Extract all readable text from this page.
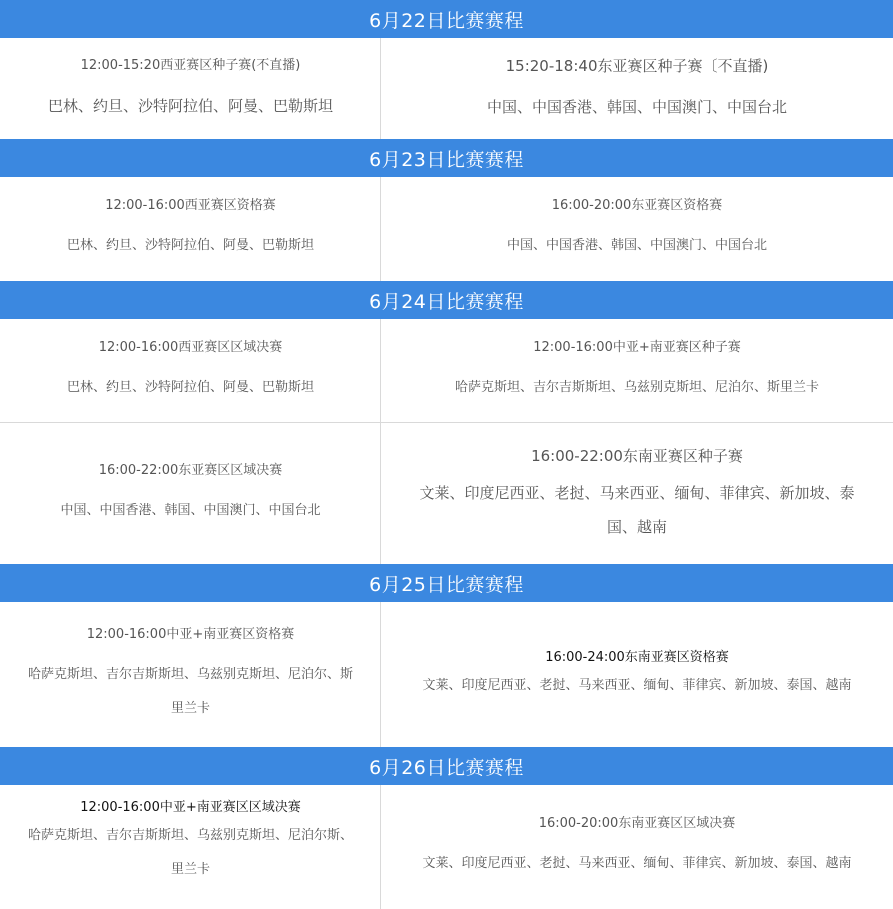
6月22日比赛赛程
12:00-15:20西亚赛区种子赛(不直播)
巴林、约旦、沙特阿拉伯、阿曼、巴勒斯坦
15:20-18:40东亚赛区种子赛〔不直播)
中国、中国香港、韩国、中国澳门、中国台北
6月23日比赛赛程
12:00-16:00西亚赛区资格赛
巴林、约旦、沙特阿拉伯、阿曼、巴勒斯坦
16:00-20:00东亚赛区资格赛
中国、中国香港、韩国、中国澳门、中国台北
6月24日比赛赛程
12:00-16:00西亚赛区区域决赛
巴林、约旦、沙特阿拉伯、阿曼、巴勒斯坦
12:00-16:00中亚+南亚赛区种子赛
哈萨克斯坦、吉尔吉斯斯坦、乌兹别克斯坦、尼泊尔、斯里兰卡
16:00-22:00东亚赛区区域决赛
中国、中国香港、韩国、中国澳门、中国台北
16:00-22:00东南亚赛区种子赛
文莱、印度尼西亚、老挝、马来西亚、缅甸、菲律宾、新加坡、泰
国、越南
6月25日比赛赛程
12:00-16:00中亚+南亚赛区资格赛
哈萨克斯坦、吉尔吉斯斯坦、乌兹别克斯坦、尼泊尔、斯
里兰卡
16:00-24:00东南亚赛区资格赛
文莱、印度尼西亚、老挝、马来西亚、缅甸、菲律宾、新加坡、泰国、越南
6月26日比赛赛程
12:00-16:00中亚+南亚赛区区域决赛
哈萨克斯坦、吉尔吉斯斯坦、乌兹别克斯坦、尼泊尔斯、
里兰卡
16:00-20:00东南亚赛区区域决赛
文莱、印度尼西亚、老挝、马来西亚、缅甸、菲律宾、新加坡、泰国、越南
